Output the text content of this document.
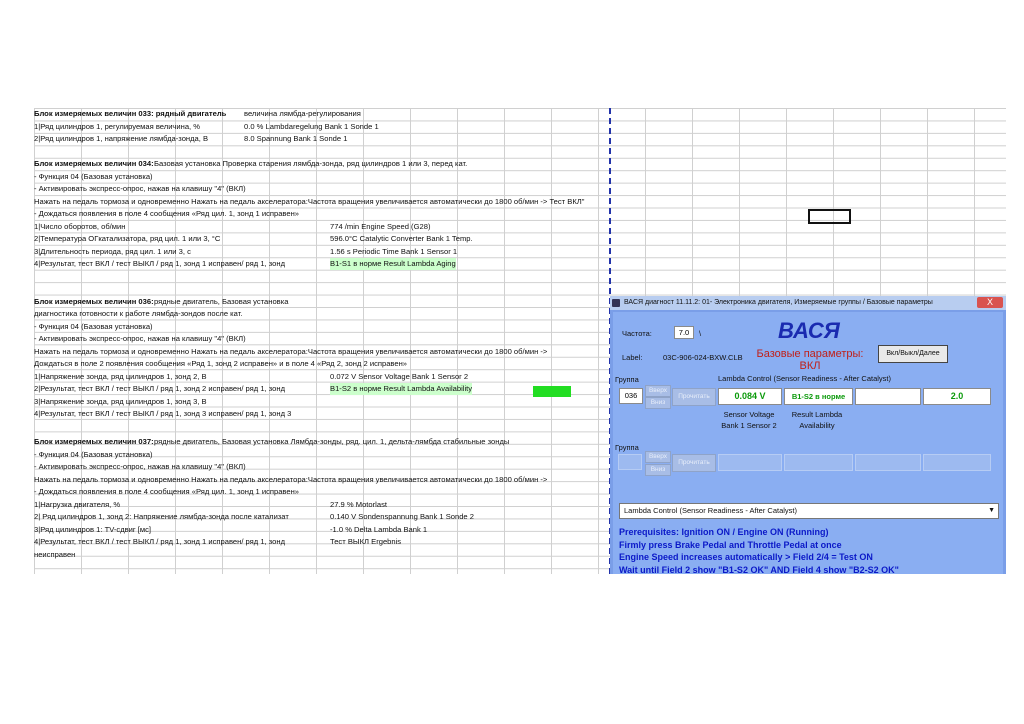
Блок измеряемых величин 033: рядный двигатель величина лямбда-регулирования
1|Ряд цилиндров 1, регулируемая величина, %	0.0 % Lambdaregelung Bank 1 Sonde 1
2|Ряд цилиндров 1, напряжение лямбда-зонда, В	8.0 Spannung Bank 1 Sonde 1
Блок измеряемых величин 034: Базовая установка Проверка старения лямбда-зонда, ряд цилиндров 1 или 3, перед кат.
- Функция 04 (Базовая установка)
- Активировать экспресс-опрос, нажав на клавишу "4" (ВКЛ)
Нажать на педаль тормоза и одновременно Нажать на педаль акселератора:Частота вращения увеличивается автоматически до 1800 об/мин -> Тест ВКЛ"
- Дождаться появления в поле 4 сообщения «Ряд цил. 1, зонд 1 исправен»
1|Число оборотов, об/мин	774 /min Engine Speed (G28)
2|Температура ОГкатализатора, ряд цил. 1 или 3, °C	596.0°C Catalytic Converter Bank 1 Temp.
3|Длительность периода, ряд цил. 1 или 3, с	1.56 s Periodic Time Bank 1 Sensor 1
4|Результат, тест ВКЛ / тест ВЫКЛ / ряд 1, зонд 1 исправен/ ряд 1, зонд	B1-S1 в норме Result Lambda Aging
Блок измеряемых величин 036: рядные двигатель, Базовая установка
диагностика готовности к работе лямбда-зондов после кат.
- Функция 04 (Базовая установка)
- Активировать экспресс-опрос, нажав на клавишу "4" (ВКЛ)
Нажать на педаль тормоза и одновременно Нажать на педаль акселератора:Частота вращения увеличивается автоматически до 1800 об/мин ->
Дождаться в поле 2 появления сообщения «Ряд 1, зонд 2 исправен» и в поле 4 «Ряд 2, зонд 2 исправен»
1|Напряжение зонда, ряд цилиндров 1, зонд 2, В	0.072 V Sensor Voltage Bank 1 Sensor 2
2|Результат, тест ВКЛ / тест ВЫКЛ / ряд 1, зонд 2 исправен/ ряд 1, зонд	B1-S2 в норме Result Lambda Availability
3|Напряжение зонда, ряд цилиндров 1, зонд 3, В
4|Результат, тест ВКЛ / тест ВЫКЛ / ряд 1, зонд 3 исправен/ ряд 1, зонд 3
Блок измеряемых величин 037: рядные двигатель, Базовая установка Лямбда-зонды, ряд. цил. 1, дельта-лямбда стабильные зонды
- Функция 04 (Базовая установка)
- Активировать экспресс-опрос, нажав на клавишу "4" (ВКЛ)
Нажать на педаль тормоза и одновременно Нажать на педаль акселератора:Частота вращения увеличивается автоматически до 1800 об/мин ->
- Дождаться появления в поле 4 сообщения «Ряд цил. 1, зонд 1 исправен»
1|Нагрузка двигателя, %	27.9 % Motorlast
2| Ряд цилиндров 1, зонд 2: Напряжение лямбда-зонда после катализат	0.140 V Sondenspannung Bank 1 Sonde 2
3|Ряд цилиндров 1: TV-сдвиг [мс]	-1.0 % Delta Lambda Bank 1
4|Результат, тест ВКЛ / тест ВЫКЛ / ряд 1, зонд 1 исправен/ ряд 1, зонд	Тест ВЫКЛ Ergebnis
неисправен
ВАСЯ диагност 11.11.2: 01- Электроника двигателя, Измеряемые группы / Базовые параметры	X
Частота:	7.0	\	ВАСЯ
Label:	03C-906-024-BXW.CLB	Базовые параметры: ВКЛ
Вкл/Выкл/Далее
Группа	Lambda Control (Sensor Readiness - After Catalyst)
036
Вверх
Вниз
Прочитать	0.084 V	B1-S2 в норме	2.0
Sensor Voltage Bank 1 Sensor 2
Result Lambda Availability
Группа
Вверх
Вниз
Прочитать
Lambda Control (Sensor Readiness - After Catalyst)	▼
Prerequisites: Ignition ON / Engine ON (Running)
Firmly press Brake Pedal and Throttle Pedal at once
Engine Speed increases automatically > Field 2/4 = Test ON
Wait until Field 2 show "B1-S2 OK" AND Field 4 show "B2-S2 OK"
